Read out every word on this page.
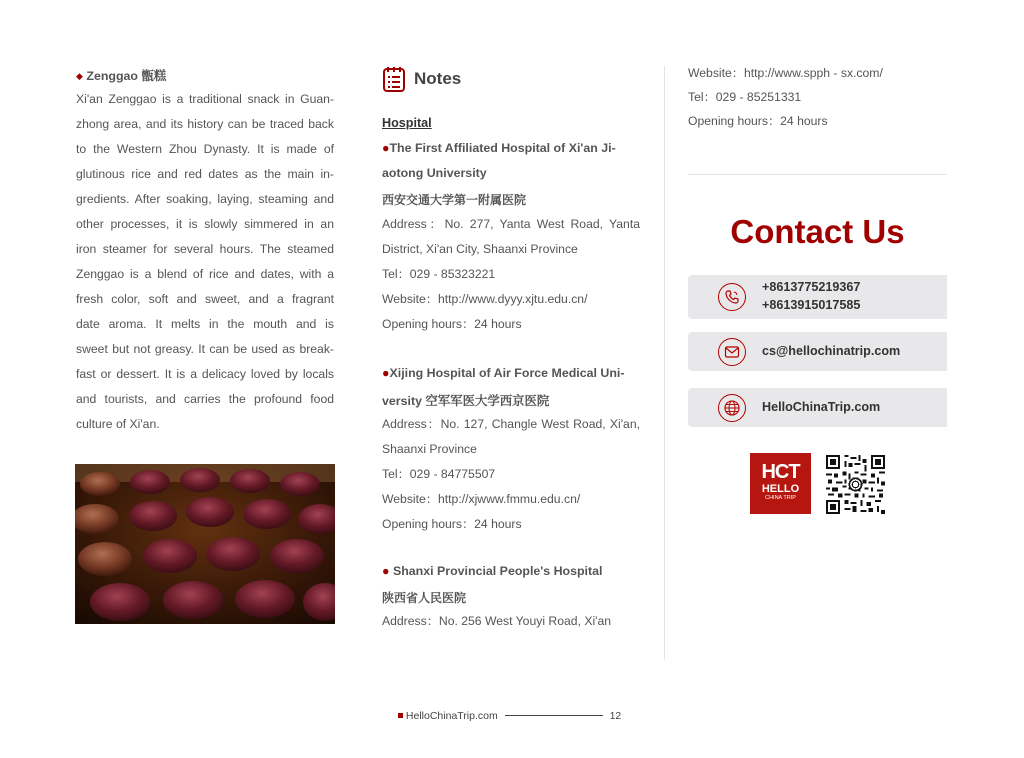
◆ Zenggao 甑糕
Xi'an Zenggao is a traditional snack in Guan-
zhong area, and its history can be traced back
to the Western Zhou Dynasty. It is made of
glutinous rice and red dates as the main in-
gredients. After soaking, laying, steaming and
other processes, it is slowly simmered in an
iron steamer for several hours. The steamed
Zenggao is a blend of rice and dates, with a
fresh color, soft and sweet, and a fragrant
date aroma. It melts in the mouth and is
sweet but not greasy. It can be used as break-
fast or dessert. It is a delicacy loved by locals
and tourists, and carries the profound food
culture of Xi'an.
Notes
Hospital
●The First Affiliated Hospital of Xi'an Ji-
aotong University
西安交通大学第一附属医院
Address：No. 277, Yanta West Road, Yanta
District, Xi'an City, Shaanxi Province
Tel：029 - 85323221
Website：http://www.dyyy.xjtu.edu.cn/
Opening hours：24 hours
●Xijing Hospital of Air Force Medical Uni-
versity 空军军医大学西京医院
Address：No. 127, Changle West Road, Xi'an,
Shaanxi Province
Tel：029 - 84775507
Website：http://xjwww.fmmu.edu.cn/
Opening hours：24 hours
● Shanxi Provincial People's Hospital
陕西省人民医院
Address：No. 256 West Youyi Road, Xi'an
Website：http://www.spph - sx.com/
Tel：029 - 85251331
Opening hours：24 hours
Contact Us
+8613775219367
+8613915017585
cs@hellochinatrip.com
HelloChinaTrip.com
HCT
HELLO
CHINA TRIP
HelloChinaTrip.com	12
